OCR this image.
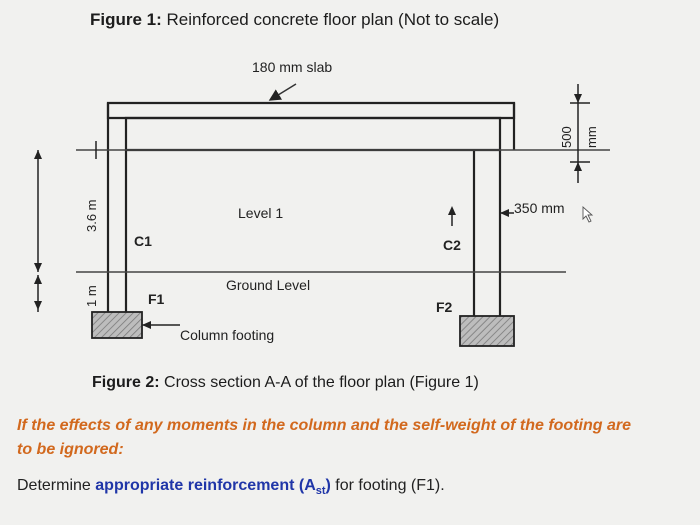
Figure 1: Reinforced concrete floor plan (Not to scale)
180 mm slab
500 mm
350 mm
3.6 m
1 m
Level 1
Ground Level
C1	C2
F1	F2
Column footing
Figure 2: Cross section A-A of the floor plan (Figure 1)
If the effects of any moments in the column and the self-weight of the footing are to be ignored:
Determine appropriate reinforcement $(A_{st})$ for footing (F1).
